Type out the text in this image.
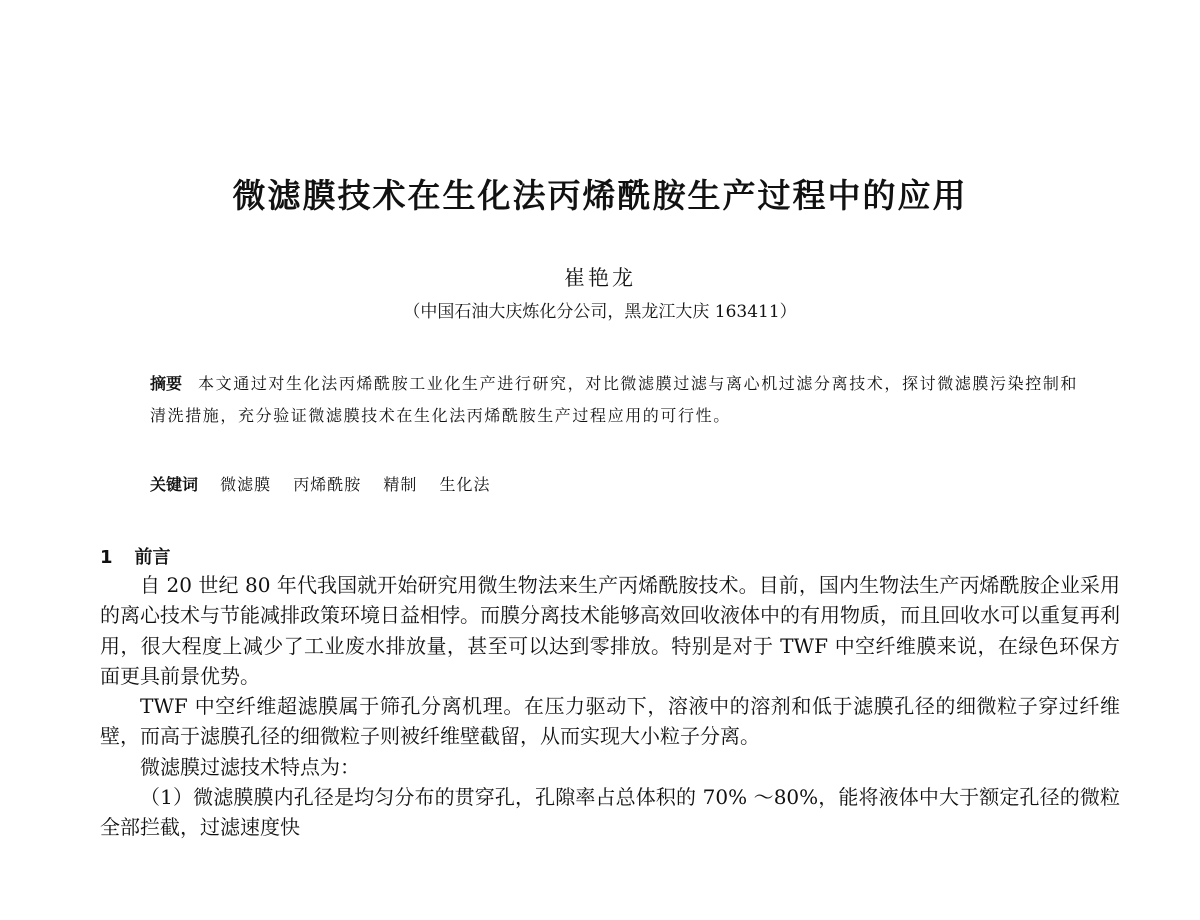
微滤膜技术在生化法丙烯酰胺生产过程中的应用
崔艳龙
（中国石油大庆炼化分公司，黑龙江大庆 163411）
摘要 本文通过对生化法丙烯酰胺工业化生产进行研究，对比微滤膜过滤与离心机过滤分离技术，探讨微滤膜污染控制和清洗措施，充分验证微滤膜技术在生化法丙烯酰胺生产过程应用的可行性。
关键词 微滤膜 丙烯酰胺 精制 生化法
1 前言

自 20 世纪 80 年代我国就开始研究用微生物法来生产丙烯酰胺技术。目前，国内生物法生产丙烯酰胺企业采用的离心技术与节能减排政策环境日益相悖。而膜分离技术能够高效回收液体中的有用物质，而且回收水可以重复再利用，很大程度上减少了工业废水排放量，甚至可以达到零排放。特别是对于 TWF 中空纤维膜来说，在绿色环保方面更具前景优势。

TWF 中空纤维超滤膜属于筛孔分离机理。在压力驱动下，溶液中的溶剂和低于滤膜孔径的细微粒子穿过纤维壁，而高于滤膜孔径的细微粒子则被纤维壁截留，从而实现大小粒子分离。

微滤膜过滤技术特点为：

（1）微滤膜膜内孔径是均匀分布的贯穿孔，孔隙率占总体积的 70% ～80%，能将液体中大于额定孔径的微粒全部拦截，过滤速度快
